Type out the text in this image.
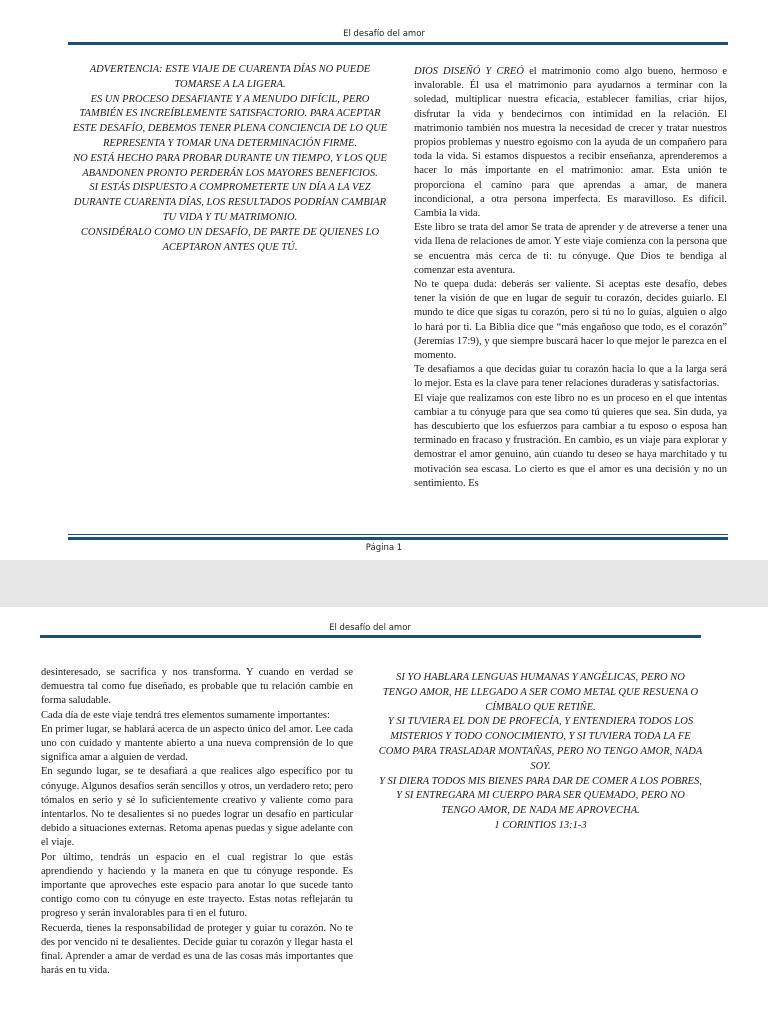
El desafío del amor

ADVERTENCIA: ESTE VIAJE DE CUARENTA DÍAS NO PUEDE TOMARSE A LA LIGERA.

ES UN PROCESO DESAFIANTE Y A MENUDO DIFÍCIL, PERO TAMBIÉN ES INCREÍBLEMENTE SATISFACTORIO. PARA ACEPTAR ESTE DESAFÍO, DEBEMOS TENER PLENA CONCIENCIA DE LO QUE REPRESENTA Y TOMAR UNA DETERMINACIÓN FIRME.

NO ESTÁ HECHO PARA PROBAR DURANTE UN TIEMPO, Y LOS QUE ABANDONEN PRONTO PERDERÁN LOS MAYORES BENEFICIOS.

SI ESTÁS DISPUESTO A COMPROMETERTE UN DÍA A LA VEZ DURANTE CUARENTA DÍAS, LOS RESULTADOS PODRÍAN CAMBIAR TU VIDA Y TU MATRIMONIO.

CONSIDÉRALO COMO UN DESAFÍO, DE PARTE DE QUIENES LO ACEPTARON ANTES QUE TÚ.

DIOS DISEÑÓ Y CREÓ el matrimonio como algo bueno, hermoso e invalorable. Él usa el matrimonio para ayudarnos a terminar con la soledad, multiplicar nuestra eficacia, establecer familias, criar hijos, disfrutar la vida y bendecirnos con intimidad en la relación. El matrimonio también nos muestra la necesidad de crecer y tratar nuestros propios problemas y nuestro egoísmo con la ayuda de un compañero para toda la vida. Si estamos dispuestos a recibir enseñanza, aprenderemos a hacer lo más importante en el matrimonio: amar. Esta unión te proporciona el camino para que aprendas a amar, de manera incondicional, a otra persona imperfecta. Es maravilloso. Es difícil. Cambia la vida.

Este libro se trata del amor Se trata de aprender y de atreverse a tener una vida llena de relaciones de amor. Y este viaje comienza con la persona que se encuentra más cerca de ti: tu cónyuge. Que Dios te bendiga al comenzar esta aventura.

No te quepa duda: deberás ser valiente. Si aceptas este desafío, debes tener la visión de que en lugar de seguir tu corazón, decides guiarlo. El mundo te dice que sigas tu corazón, pero si tú no lo guías, alguien o algo lo hará por ti. La Biblia dice que “más engañoso que todo, es el corazón” (Jeremías 17:9), y que siempre buscará hacer lo que mejor le parezca en el momento.

Te desafiamos a que decidas guiar tu corazón hacia lo que a la larga será lo mejor. Esta es la clave para tener relaciones duraderas y satisfactorias.

El viaje que realizamos con este libro no es un proceso en el que intentas cambiar a tu cónyuge para que sea como tú quieres que sea. Sin duda, ya has descubierto que los esfuerzos para cambiar a tu esposo o esposa han terminado en fracaso y frustración. En cambio, es un viaje para explorar y demostrar el amor genuino, aún cuando tu deseo se haya marchitado y tu motivación sea escasa. Lo cierto es que el amor es una decisión y no un sentimiento. Es

Página 1
El desafío del amor

desinteresado, se sacrifica y nos transforma. Y cuando en verdad se demuestra tal como fue diseñado, es probable que tu relación cambie en forma saludable.

Cada día de este viaje tendrá tres elementos sumamente importantes:

En primer lugar, se hablará acerca de un aspecto único del amor. Lee cada uno con cuidado y mantente abierto a una nueva comprensión de lo que significa amar a alguien de verdad.

En segundo lugar, se te desafiará a que realices algo específico por tu cónyuge. Algunos desafíos serán sencillos y otros, un verdadero reto; pero tómalos en serio y sé lo suficientemente creativo y valiente como para intentarlos. No te desalientes si no puedes lograr un desafío en particular debido a situaciones externas. Retoma apenas puedas y sigue adelante con el viaje.

Por último, tendrás un espacio en el cual registrar lo que estás aprendiendo y haciendo y la manera en que tu cónyuge responde. Es importante que aproveches este espacio para anotar lo que sucede tanto contigo como con tu cónyuge en este trayecto. Estas notas reflejarán tu progreso y serán invalorables para ti en el futuro.

Recuerda, tienes la responsabilidad de proteger y guiar tu corazón. No te des por vencido ni te desalientes. Decide guiar tu corazón y llegar hasta el final. Aprender a amar de verdad es una de las cosas más importantes que harás en tu vida.

SI YO HABLARA LENGUAS HUMANAS Y ANGÉLICAS, PERO NO TENGO AMOR, HE LLEGADO A SER COMO METAL QUE RESUENA O CÍMBALO QUE RETIÑE.

Y SI TUVIERA EL DON DE PROFECÍA, Y ENTENDIERA TODOS LOS MISTERIOS Y TODO CONOCIMIENTO, Y SI TUVIERA TODA LA FE COMO PARA TRASLADAR MONTAÑAS, PERO NO TENGO AMOR, NADA SOY.

Y SI DIERA TODOS MIS BIENES PARA DAR DE COMER A LOS POBRES, Y SI ENTREGARA MI CUERPO PARA SER QUEMADO, PERO NO TENGO AMOR, DE NADA ME APROVECHA.

1 CORINTIOS 13:1-3
